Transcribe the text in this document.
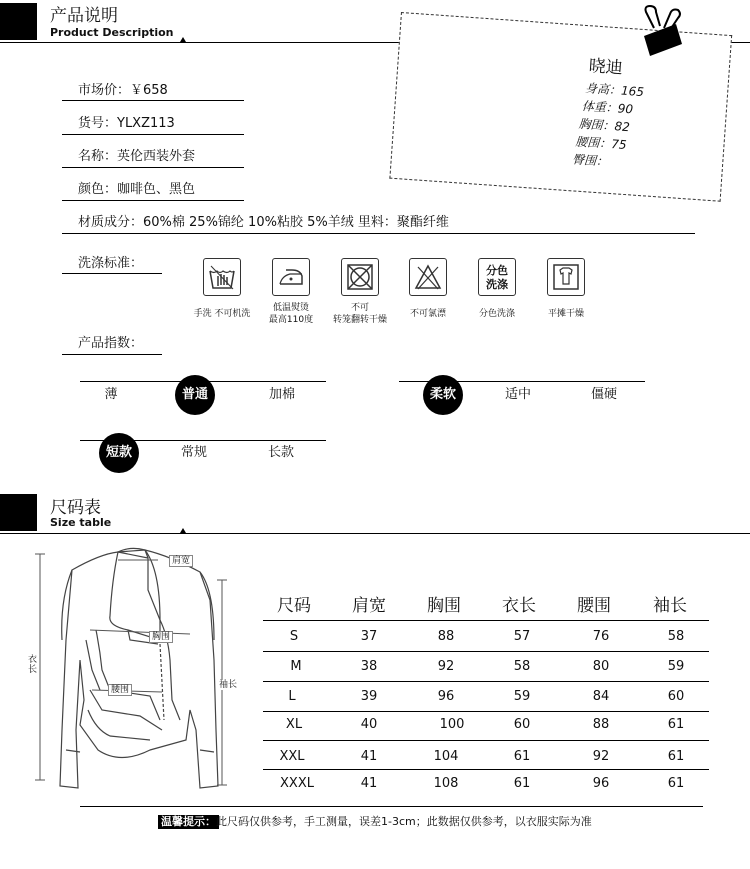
产品说明
Product Description
晓迪
身高：165
体重：90
胸围：82
腰围：75
臀围：
市场价：￥658
货号：YLXZ113
名称：英伦西装外套
颜色：咖啡色、黑色
材质成分：60%棉 25%锦纶 10%粘胶 5%羊绒 里料：聚酯纤维
洗涤标准：	分色
洗涤
手洗 不可机洗
低温熨烫
最高110度
不可
转笼翻转干燥
不可氯漂	分色洗涤	平摊干燥
产品指数：
薄	普通	加棉	柔软	适中	僵硬
短款	常规	长款
尺码表
Size table
肩宽
胸围
腰围
衣长
袖长
尺码 肩宽 胸围 衣长 腰围 袖长
S	37	88	57	76	58
M	38	92	58	80	59
L	39	96	59	84	60
XL	40	100	60	88	61
XXL	41	104	61	92	61
XXXL	41	108	61	96	61
温馨提示： 此尺码仅供参考，手工测量，误差1-3cm；此数据仅供参考，以衣服实际为准
